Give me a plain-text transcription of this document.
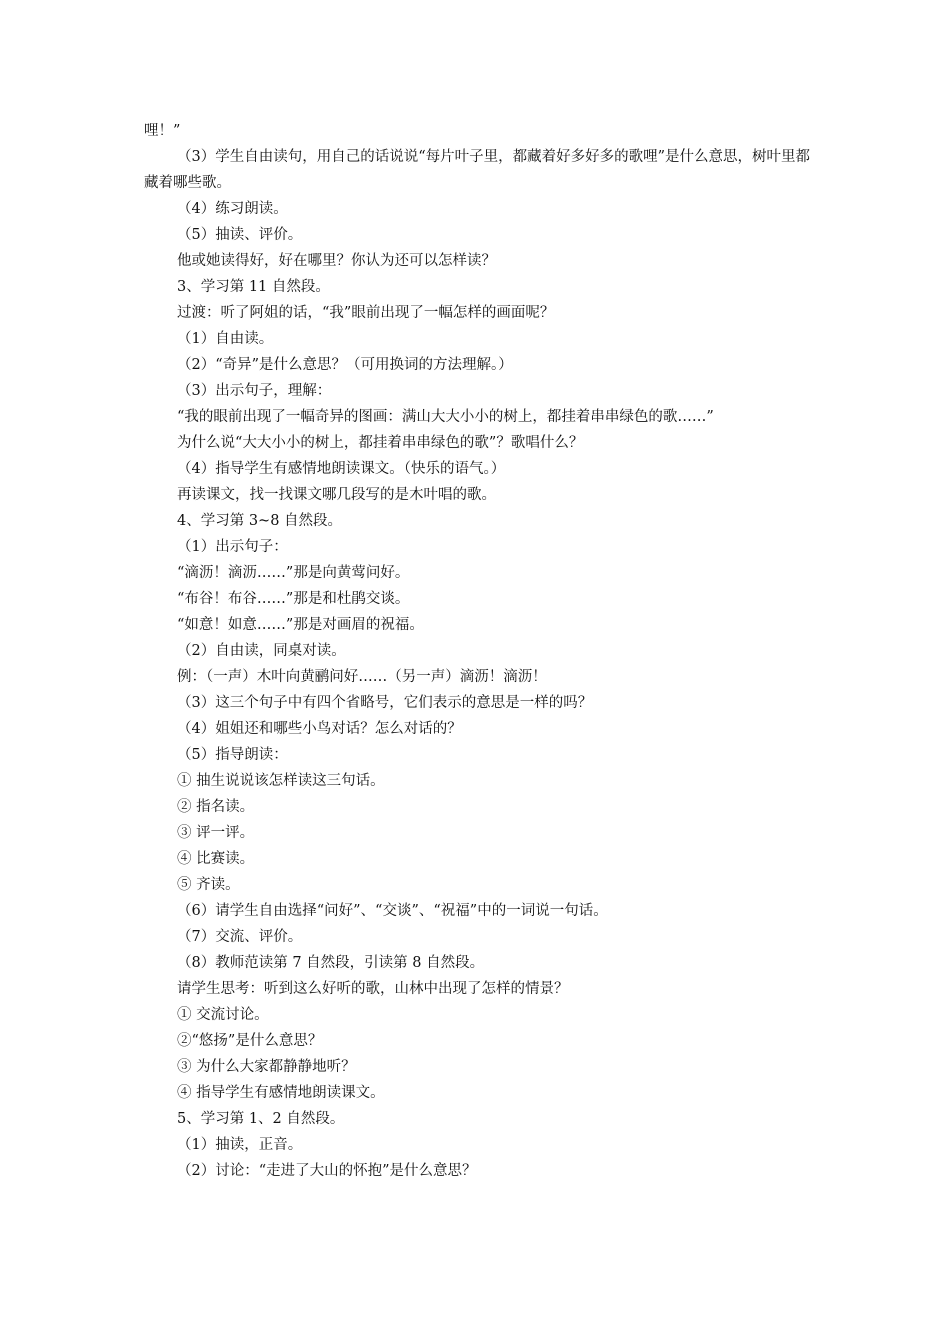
哩！”
（3）学生自由读句，用自己的话说说“每片叶子里，都藏着好多好多的歌哩”是什么意思，树叶里都藏着哪些歌。
（4）练习朗读。
（5）抽读、评价。
他或她读得好，好在哪里？你认为还可以怎样读？
3、学习第 11 自然段。
过渡：听了阿姐的话，“我”眼前出现了一幅怎样的画面呢？
（1）自由读。
（2）“奇异”是什么意思？（可用换词的方法理解。）
（3）出示句子，理解：
“我的眼前出现了一幅奇异的图画：满山大大小小的树上，都挂着串串绿色的歌……”
为什么说“大大小小的树上，都挂着串串绿色的歌”？歌唱什么？
（4）指导学生有感情地朗读课文。（快乐的语气。）
再读课文，找一找课文哪几段写的是木叶唱的歌。
4、学习第 3~8 自然段。
（1）出示句子：
“滴沥！滴沥……”那是向黄莺问好。
“布谷！布谷……”那是和杜鹃交谈。
“如意！如意……”那是对画眉的祝福。
（2）自由读，同桌对读。
例：（一声）木叶向黄鹂问好……（另一声）滴沥！滴沥！
（3）这三个句子中有四个省略号，它们表示的意思是一样的吗？
（4）姐姐还和哪些小鸟对话？怎么对话的？
（5）指导朗读：
① 抽生说说该怎样读这三句话。
② 指名读。
③ 评一评。
④ 比赛读。
⑤ 齐读。
（6）请学生自由选择“问好”、“交谈”、“祝福”中的一词说一句话。
（7）交流、评价。
（8）教师范读第 7 自然段，引读第 8 自然段。
请学生思考：听到这么好听的歌，山林中出现了怎样的情景？
① 交流讨论。
②“悠扬”是什么意思？
③ 为什么大家都静静地听？
④ 指导学生有感情地朗读课文。
5、学习第 1、2 自然段。
（1）抽读，正音。
（2）讨论：“走进了大山的怀抱”是什么意思？
